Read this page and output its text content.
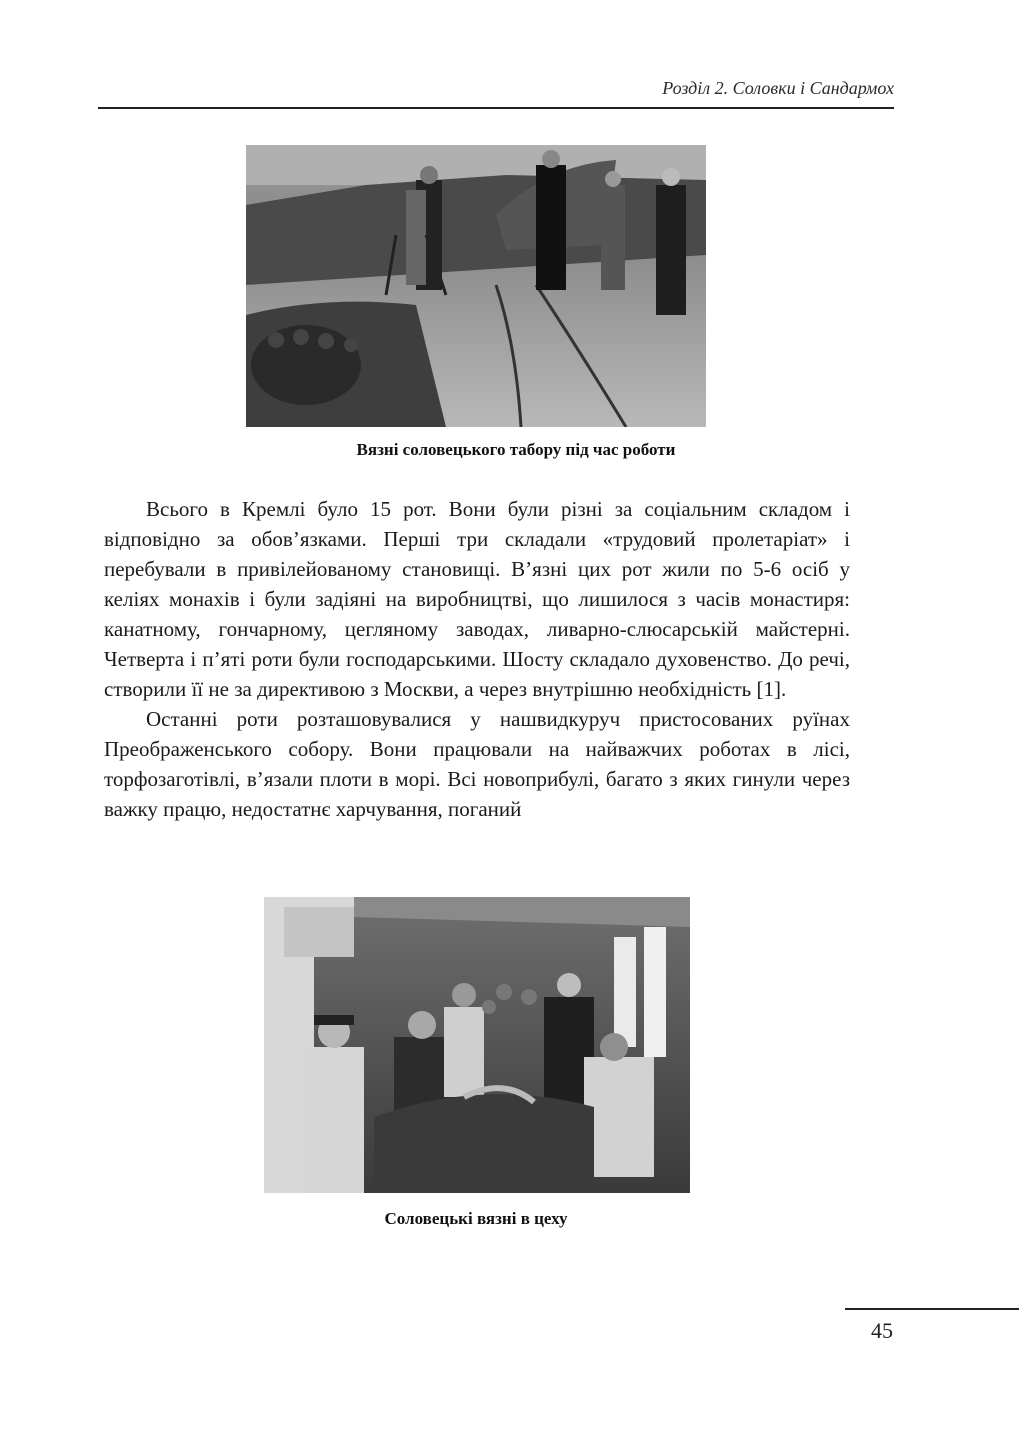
Розділ 2. Соловки і Сандармох
Вязні соловецького табору під час роботи

Всього в Кремлі було 15 рот. Вони були різні за соціальним складом і відповідно за обов’язками. Перші три складали «трудовий пролетаріат» і перебували в привілейованому становищі. В’язні цих рот жили по 5-6 осіб у келіях монахів і були задіяні на виробництві, що лишилося з часів монастиря: канатному, гончарному, цегляному заводах, ливарно-слюсарській майстерні. Четверта і п’яті роти були господарськими. Шосту складало духовенство. До речі, створили її не за директивою з Москви, а через внутрішню необхідність [1].

Останні роти розташовувалися у нашвидкуруч пристосованих руїнах Преображенського собору. Вони працювали на найважчих роботах в лісі, торфозаготівлі, в’язали плоти в морі. Всі новоприбулі, багато з яких гинули через важку працю, недостатнє харчування, поганий

Соловецькі вязні в цеху
45
